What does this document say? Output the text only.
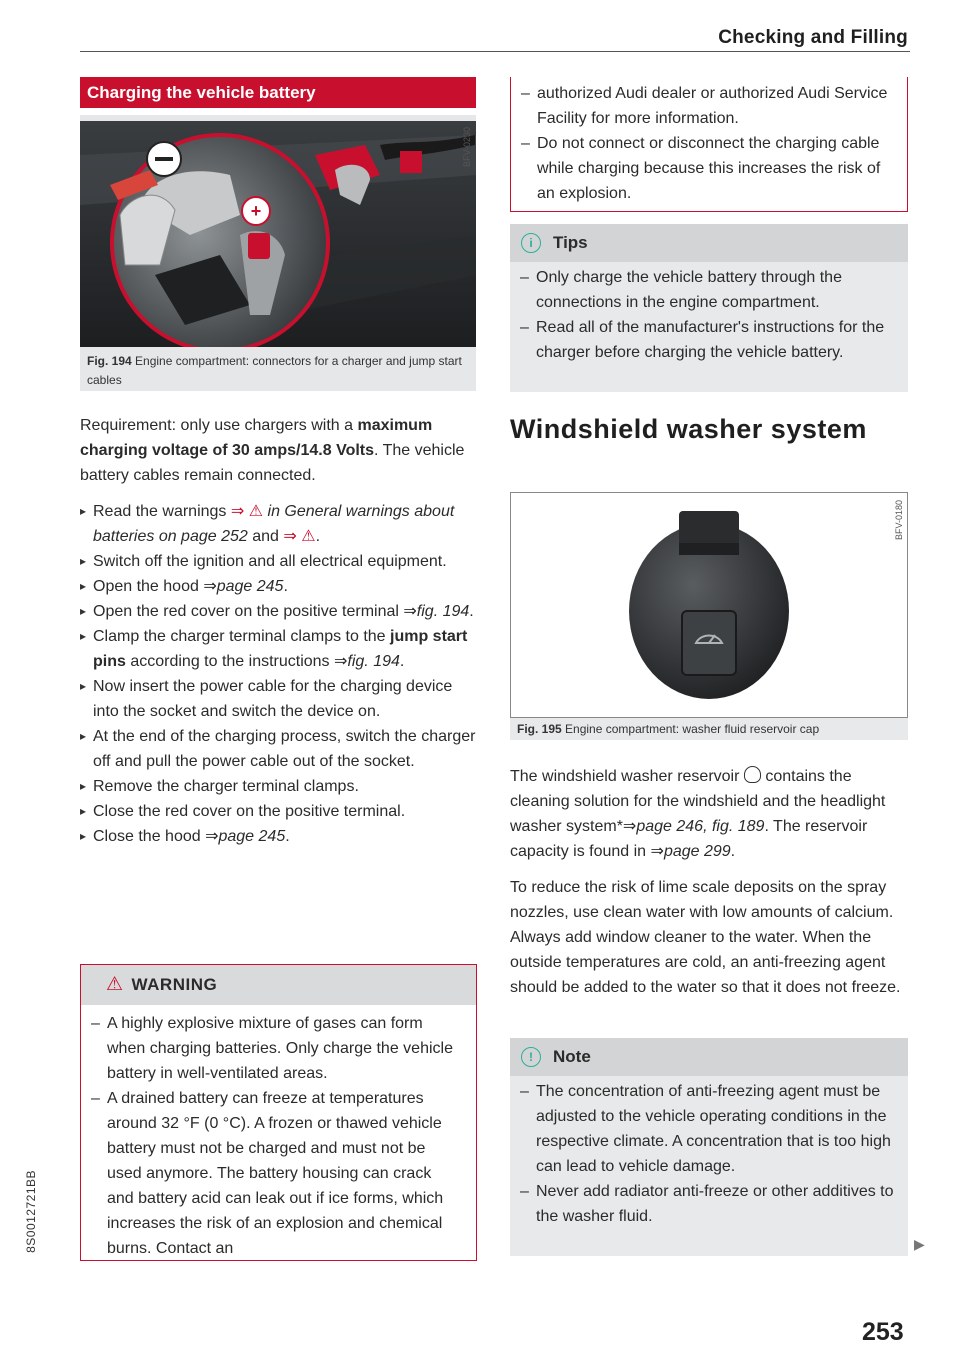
Checking and Filling
Charging the vehicle battery
+
BFV-0230
Fig. 194 Engine compartment: connectors for a charger and jump start cables
Requirement: only use chargers with a maximum charging voltage of 30 amps/14.8 Volts. The vehicle battery cables remain connected.
▸ Read the warnings ⇒ ⚠ in General warnings about batteries on page 252 and ⇒ ⚠.
▸ Switch off the ignition and all electrical equipment.
▸ Open the hood ⇒page 245.
▸ Open the red cover on the positive terminal ⇒fig. 194.
▸ Clamp the charger terminal clamps to the jump start pins according to the instructions ⇒fig. 194.
▸ Now insert the power cable for the charging device into the socket and switch the device on.
▸ At the end of the charging process, switch the charger off and pull the power cable out of the socket.
▸ Remove the charger terminal clamps.
▸ Close the red cover on the positive terminal.
▸ Close the hood ⇒page 245.
⚠ WARNING
– A highly explosive mixture of gases can form when charging batteries. Only charge the vehicle battery in well-ventilated areas.
– A drained battery can freeze at temperatures around 32 °F (0 °C). A frozen or thawed vehicle battery must not be charged and must not be used anymore. The battery housing can crack and battery acid can leak out if ice forms, which increases the risk of an explosion and chemical burns. Contact an
8S0012721BB
– authorized Audi dealer or authorized Audi Service Facility for more information.
– Do not connect or disconnect the charging cable while charging because this increases the risk of an explosion.
i	Tips
– Only charge the vehicle battery through the connections in the engine compartment.
– Read all of the manufacturer's instructions for the charger before charging the vehicle battery.
Windshield washer system
BFV-0180
Fig. 195 Engine compartment: washer fluid reservoir cap
The windshield washer reservoir  contains the cleaning solution for the windshield and the headlight washer system*⇒page 246, fig. 189. The reservoir capacity is found in ⇒page 299.
To reduce the risk of lime scale deposits on the spray nozzles, use clean water with low amounts of calcium. Always add window cleaner to the water. When the outside temperatures are cold, an anti-freezing agent should be added to the water so that it does not freeze.
!	Note
– The concentration of anti-freezing agent must be adjusted to the vehicle operating conditions in the respective climate. A concentration that is too high can lead to vehicle damage.
– Never add radiator anti-freeze or other additives to the washer fluid.
▶
253
